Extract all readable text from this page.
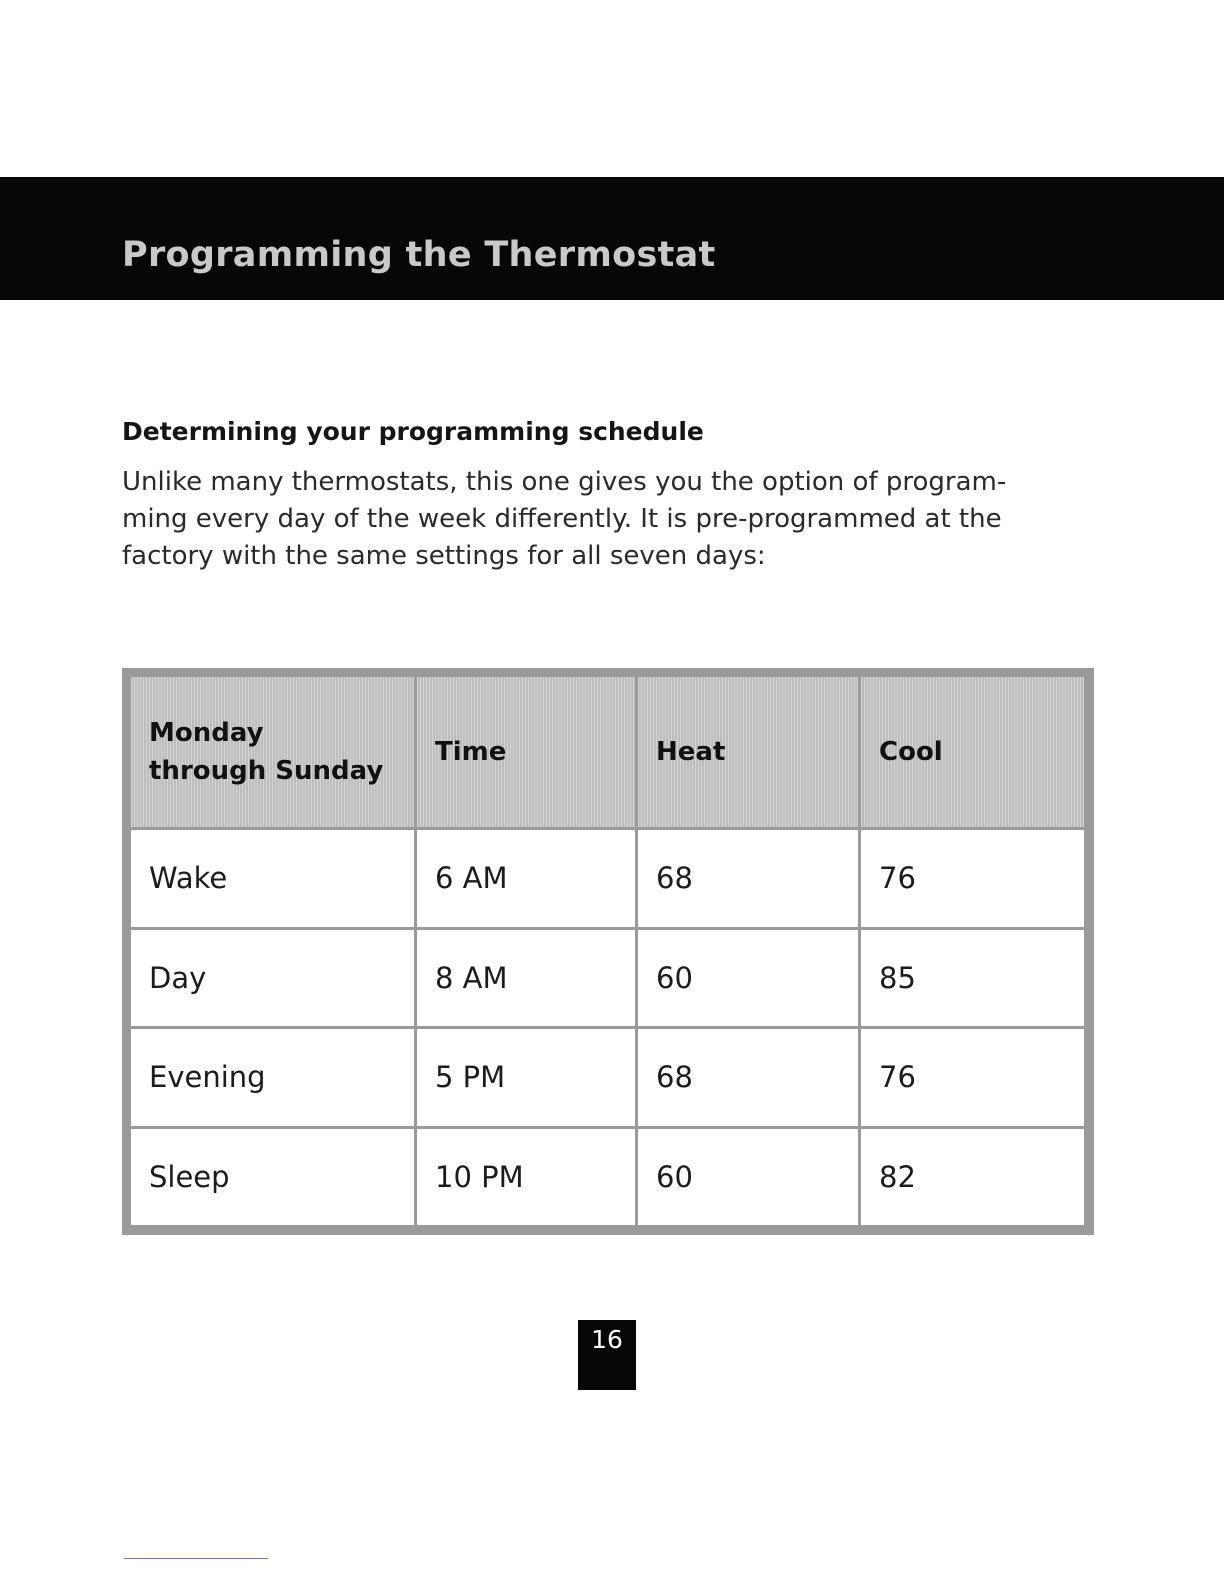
Programming the Thermostat
Determining your programming schedule

Unlike many thermostats, this one gives you the option of program-
ming every day of the week differently. It is pre-programmed at the
factory with the same settings for all seven days:

Monday
through Sunday	Time	Heat	Cool
Wake	6 AM	68	76
Day	8 AM	60	85
Evening	5 PM	68	76
Sleep	10 PM	60	82
16
